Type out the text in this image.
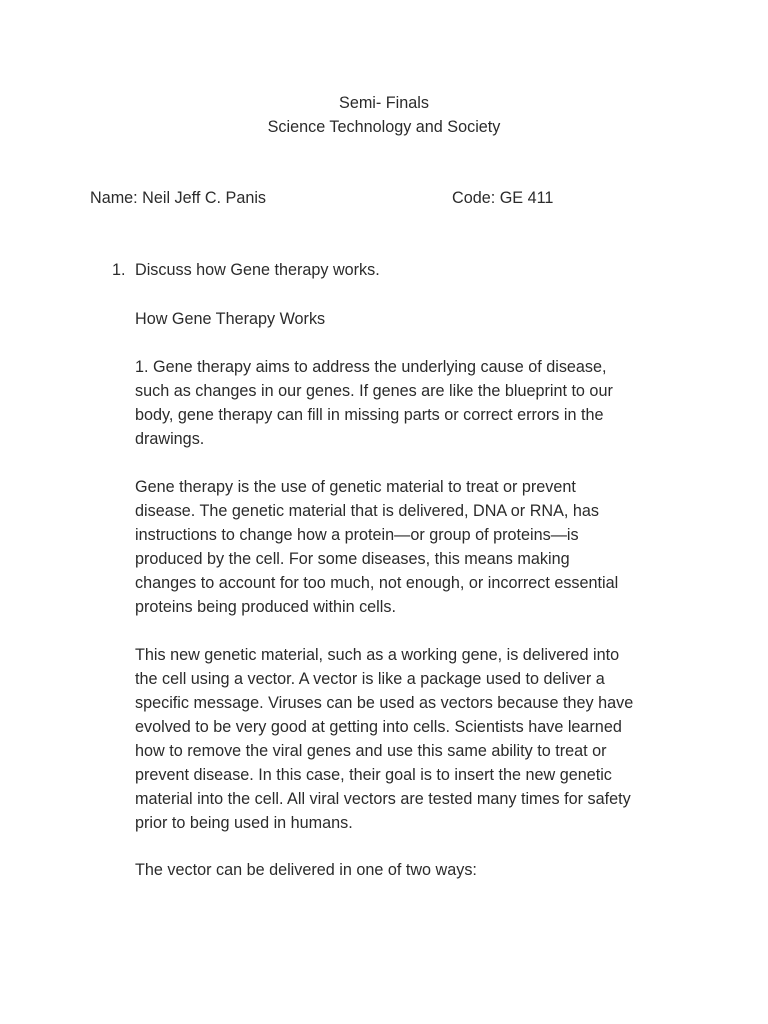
Semi- Finals
Science Technology and Society
Name: Neil Jeff C. Panis	Code: GE 411
1. Discuss how Gene therapy works.

How Gene Therapy Works

1. Gene therapy aims to address the underlying cause of disease,
such as changes in our genes. If genes are like the blueprint to our
body, gene therapy can fill in missing parts or correct errors in the
drawings.

Gene therapy is the use of genetic material to treat or prevent
disease. The genetic material that is delivered, DNA or RNA, has
instructions to change how a protein—or group of proteins—is
produced by the cell. For some diseases, this means making
changes to account for too much, not enough, or incorrect essential
proteins being produced within cells.

This new genetic material, such as a working gene, is delivered into
the cell using a vector. A vector is like a package used to deliver a
specific message. Viruses can be used as vectors because they have
evolved to be very good at getting into cells. Scientists have learned
how to remove the viral genes and use this same ability to treat or
prevent disease. In this case, their goal is to insert the new genetic
material into the cell. All viral vectors are tested many times for safety
prior to being used in humans.

The vector can be delivered in one of two ways:
